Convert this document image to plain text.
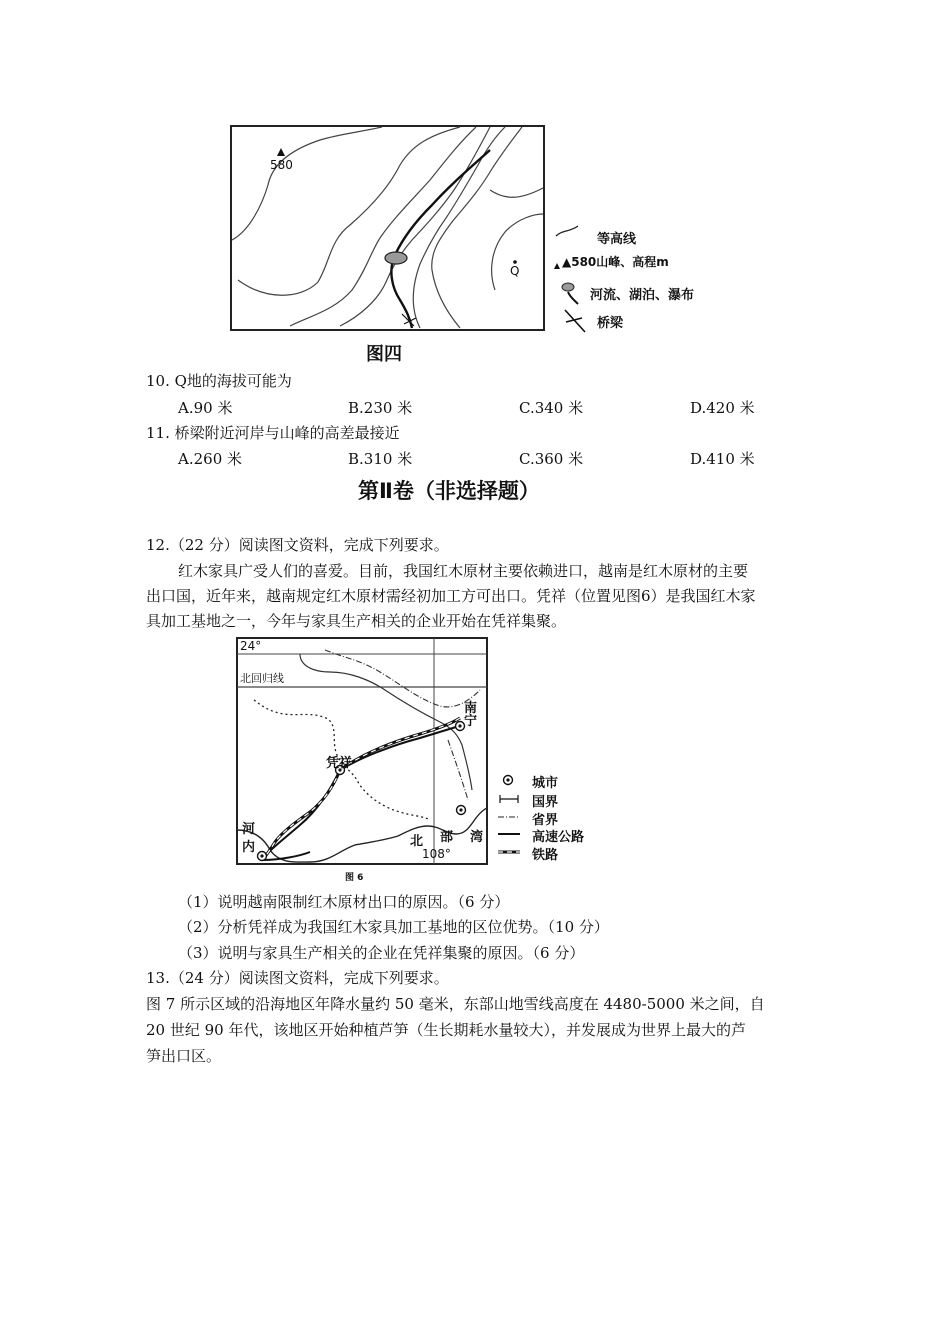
580
Q
等高线
▲580山峰、高程m
河流、湖泊、瀑布
桥梁
图四
10. Q地的海拔可能为
A.90 米	B.230 米	C.340 米	D.420 米
11. 桥梁附近河岸与山峰的高差最接近
A.260 米	B.310 米	C.360 米	D.410 米
第Ⅱ卷（非选择题）
12.（22 分）阅读图文资料，完成下列要求。
红木家具广受人们的喜爱。目前，我国红木原材主要依赖进口，越南是红木原材的主要
出口国，近年来，越南规定红木原材需经初加工方可出口。凭祥（位置见图6）是我国红木家
具加工基地之一，今年与家具生产相关的企业开始在凭祥集聚。
24°
北回归线
南
宁
凭祥
河
内	北 部 湾
108°
城市
国界
省界
高速公路
铁路
图 6
（1）说明越南限制红木原材出口的原因。（6 分）
（2）分析凭祥成为我国红木家具加工基地的区位优势。（10 分）
（3）说明与家具生产相关的企业在凭祥集聚的原因。（6 分）
13.（24 分）阅读图文资料，完成下列要求。
图 7 所示区域的沿海地区年降水量约 50 毫米，东部山地雪线高度在 4480-5000 米之间，自
20 世纪 90 年代，该地区开始种植芦笋（生长期耗水量较大），并发展成为世界上最大的芦
笋出口区。
